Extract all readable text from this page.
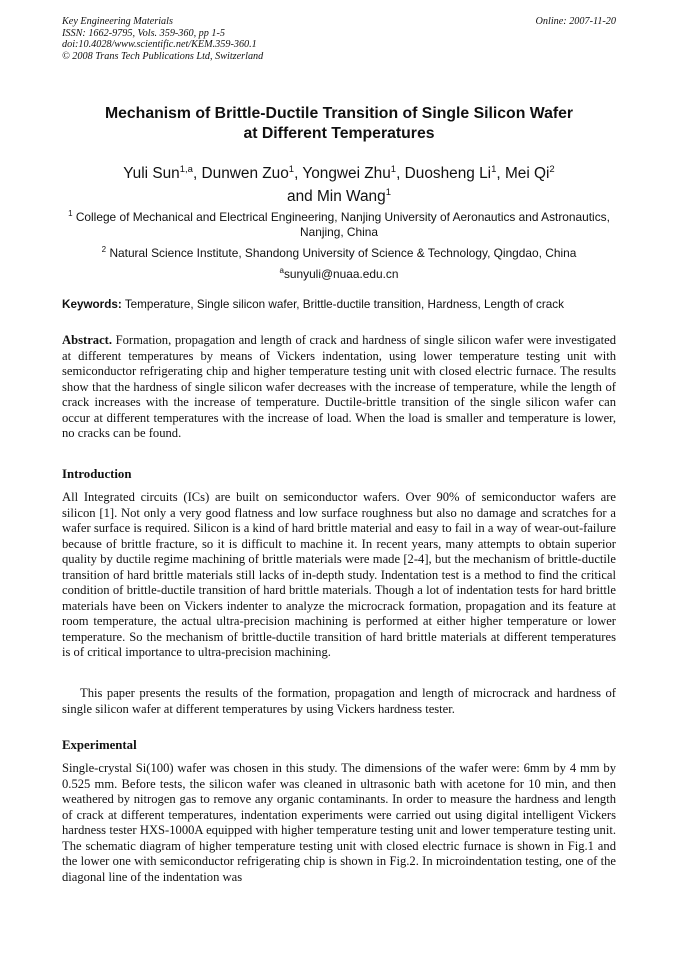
Key Engineering Materials
ISSN: 1662-9795, Vols. 359-360, pp 1-5
doi:10.4028/www.scientific.net/KEM.359-360.1
© 2008 Trans Tech Publications Ltd, Switzerland
Online: 2007-11-20
Mechanism of Brittle-Ductile Transition of Single Silicon Wafer
at Different Temperatures
Yuli Sun$^{1,a}$, Dunwen Zuo$^1$, Yongwei Zhu$^1$, Duosheng Li$^1$, Mei Qi$^2$
and Min Wang$^1$
$^1$ College of Mechanical and Electrical Engineering, Nanjing University of Aeronautics and Astronautics, Nanjing, China
$^2$ Natural Science Institute, Shandong University of Science & Technology, Qingdao, China
$^a$sunyuli@nuaa.edu.cn
Keywords: Temperature, Single silicon wafer, Brittle-ductile transition, Hardness, Length of crack
Abstract. Formation, propagation and length of crack and hardness of single silicon wafer were investigated at different temperatures by means of Vickers indentation, using lower temperature testing unit with semiconductor refrigerating chip and higher temperature testing unit with closed electric furnace. The results show that the hardness of single silicon wafer decreases with the increase of temperature, while the length of crack increases with the increase of temperature. Ductile-brittle transition of the single silicon wafer can occur at different temperatures with the increase of load. When the load is smaller and temperature is lower, no cracks can be found.
Introduction
All Integrated circuits (ICs) are built on semiconductor wafers. Over 90% of semiconductor wafers are silicon [1]. Not only a very good flatness and low surface roughness but also no damage and scratches for a wafer surface is required. Silicon is a kind of hard brittle material and easy to fail in a way of wear-out-failure because of brittle fracture, so it is difficult to machine it. In recent years, many attempts to obtain superior quality by ductile regime machining of brittle materials were made [2-4], but the mechanism of brittle-ductile transition of hard brittle materials still lacks of in-depth study. Indentation test is a method to find the critical condition of brittle-ductile transition of hard brittle materials. Though a lot of indentation tests for hard brittle materials have been on Vickers indenter to analyze the microcrack formation, propagation and its feature at room temperature, the actual ultra-precision machining is performed at either higher temperature or lower temperature. So the mechanism of brittle-ductile transition of hard brittle materials at different temperatures is of critical importance to ultra-precision machining.
This paper presents the results of the formation, propagation and length of microcrack and hardness of single silicon wafer at different temperatures by using Vickers hardness tester.
Experimental
Single-crystal Si(100) wafer was chosen in this study. The dimensions of the wafer were: 6mm by 4 mm by 0.525 mm. Before tests, the silicon wafer was cleaned in ultrasonic bath with acetone for 10 min, and then weathered by nitrogen gas to remove any organic contaminants. In order to measure the hardness and length of crack at different temperatures, indentation experiments were carried out using digital intelligent Vickers hardness tester HXS-1000A equipped with higher temperature testing unit and lower temperature testing unit. The schematic diagram of higher temperature testing unit with closed electric furnace is shown in Fig.1 and the lower one with semiconductor refrigerating chip is shown in Fig.2. In microindentation testing, one of the diagonal line of the indentation was
